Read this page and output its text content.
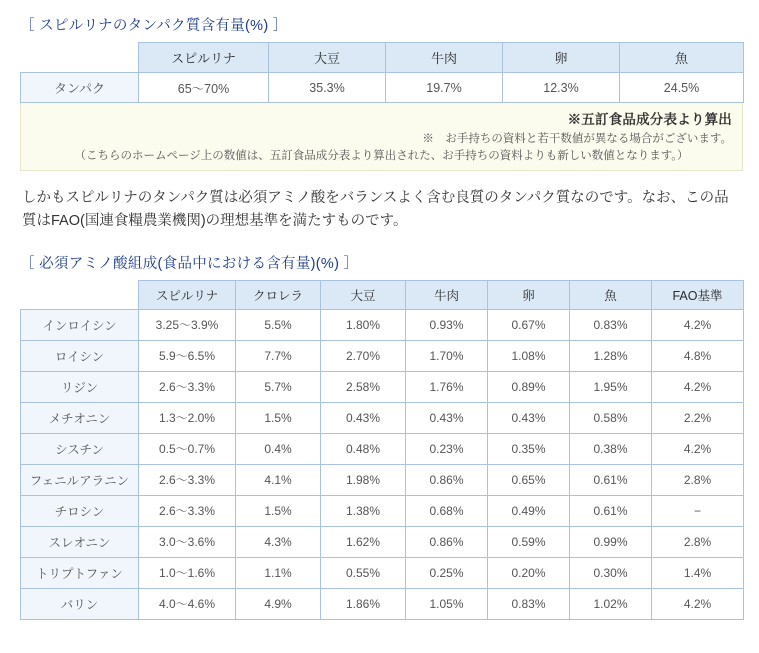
［ スピルリナのタンパク質含有量(%) ］
	スピルリナ	大豆	牛肉	卵	魚
タンパク	65〜70%	35.3%	19.7%	12.3%	24.5%
※五訂食品成分表より算出
※　お手持ちの資料と若干数値が異なる場合がございます。
（こちらのホームページ上の数値は、五訂食品成分表より算出された、お手持ちの資料よりも新しい数値となります。）

しかもスピルリナのタンパク質は必須アミノ酸をバランスよく含む良質のタンパク質なのです。なお、この品質はFAO(国連食糧農業機関)の理想基準を満たすものです。

［ 必須アミノ酸組成(食品中における含有量)(%) ］
	スピルリナ	クロレラ	大豆	牛肉	卵	魚	FAO基準
インロイシン	3.25〜3.9%	5.5%	1.80%	0.93%	0.67%	0.83%	4.2%
ロイシン	5.9〜6.5%	7.7%	2.70%	1.70%	1.08%	1.28%	4.8%
リジン	2.6〜3.3%	5.7%	2.58%	1.76%	0.89%	1.95%	4.2%
メチオニン	1.3〜2.0%	1.5%	0.43%	0.43%	0.43%	0.58%	2.2%
シスチン	0.5〜0.7%	0.4%	0.48%	0.23%	0.35%	0.38%	4.2%
フェニルアラニン	2.6〜3.3%	4.1%	1.98%	0.86%	0.65%	0.61%	2.8%
チロシン	2.6〜3.3%	1.5%	1.38%	0.68%	0.49%	0.61%	−
スレオニン	3.0〜3.6%	4.3%	1.62%	0.86%	0.59%	0.99%	2.8%
トリプトファン	1.0〜1.6%	1.1%	0.55%	0.25%	0.20%	0.30%	1.4%
バリン	4.0〜4.6%	4.9%	1.86%	1.05%	0.83%	1.02%	4.2%
